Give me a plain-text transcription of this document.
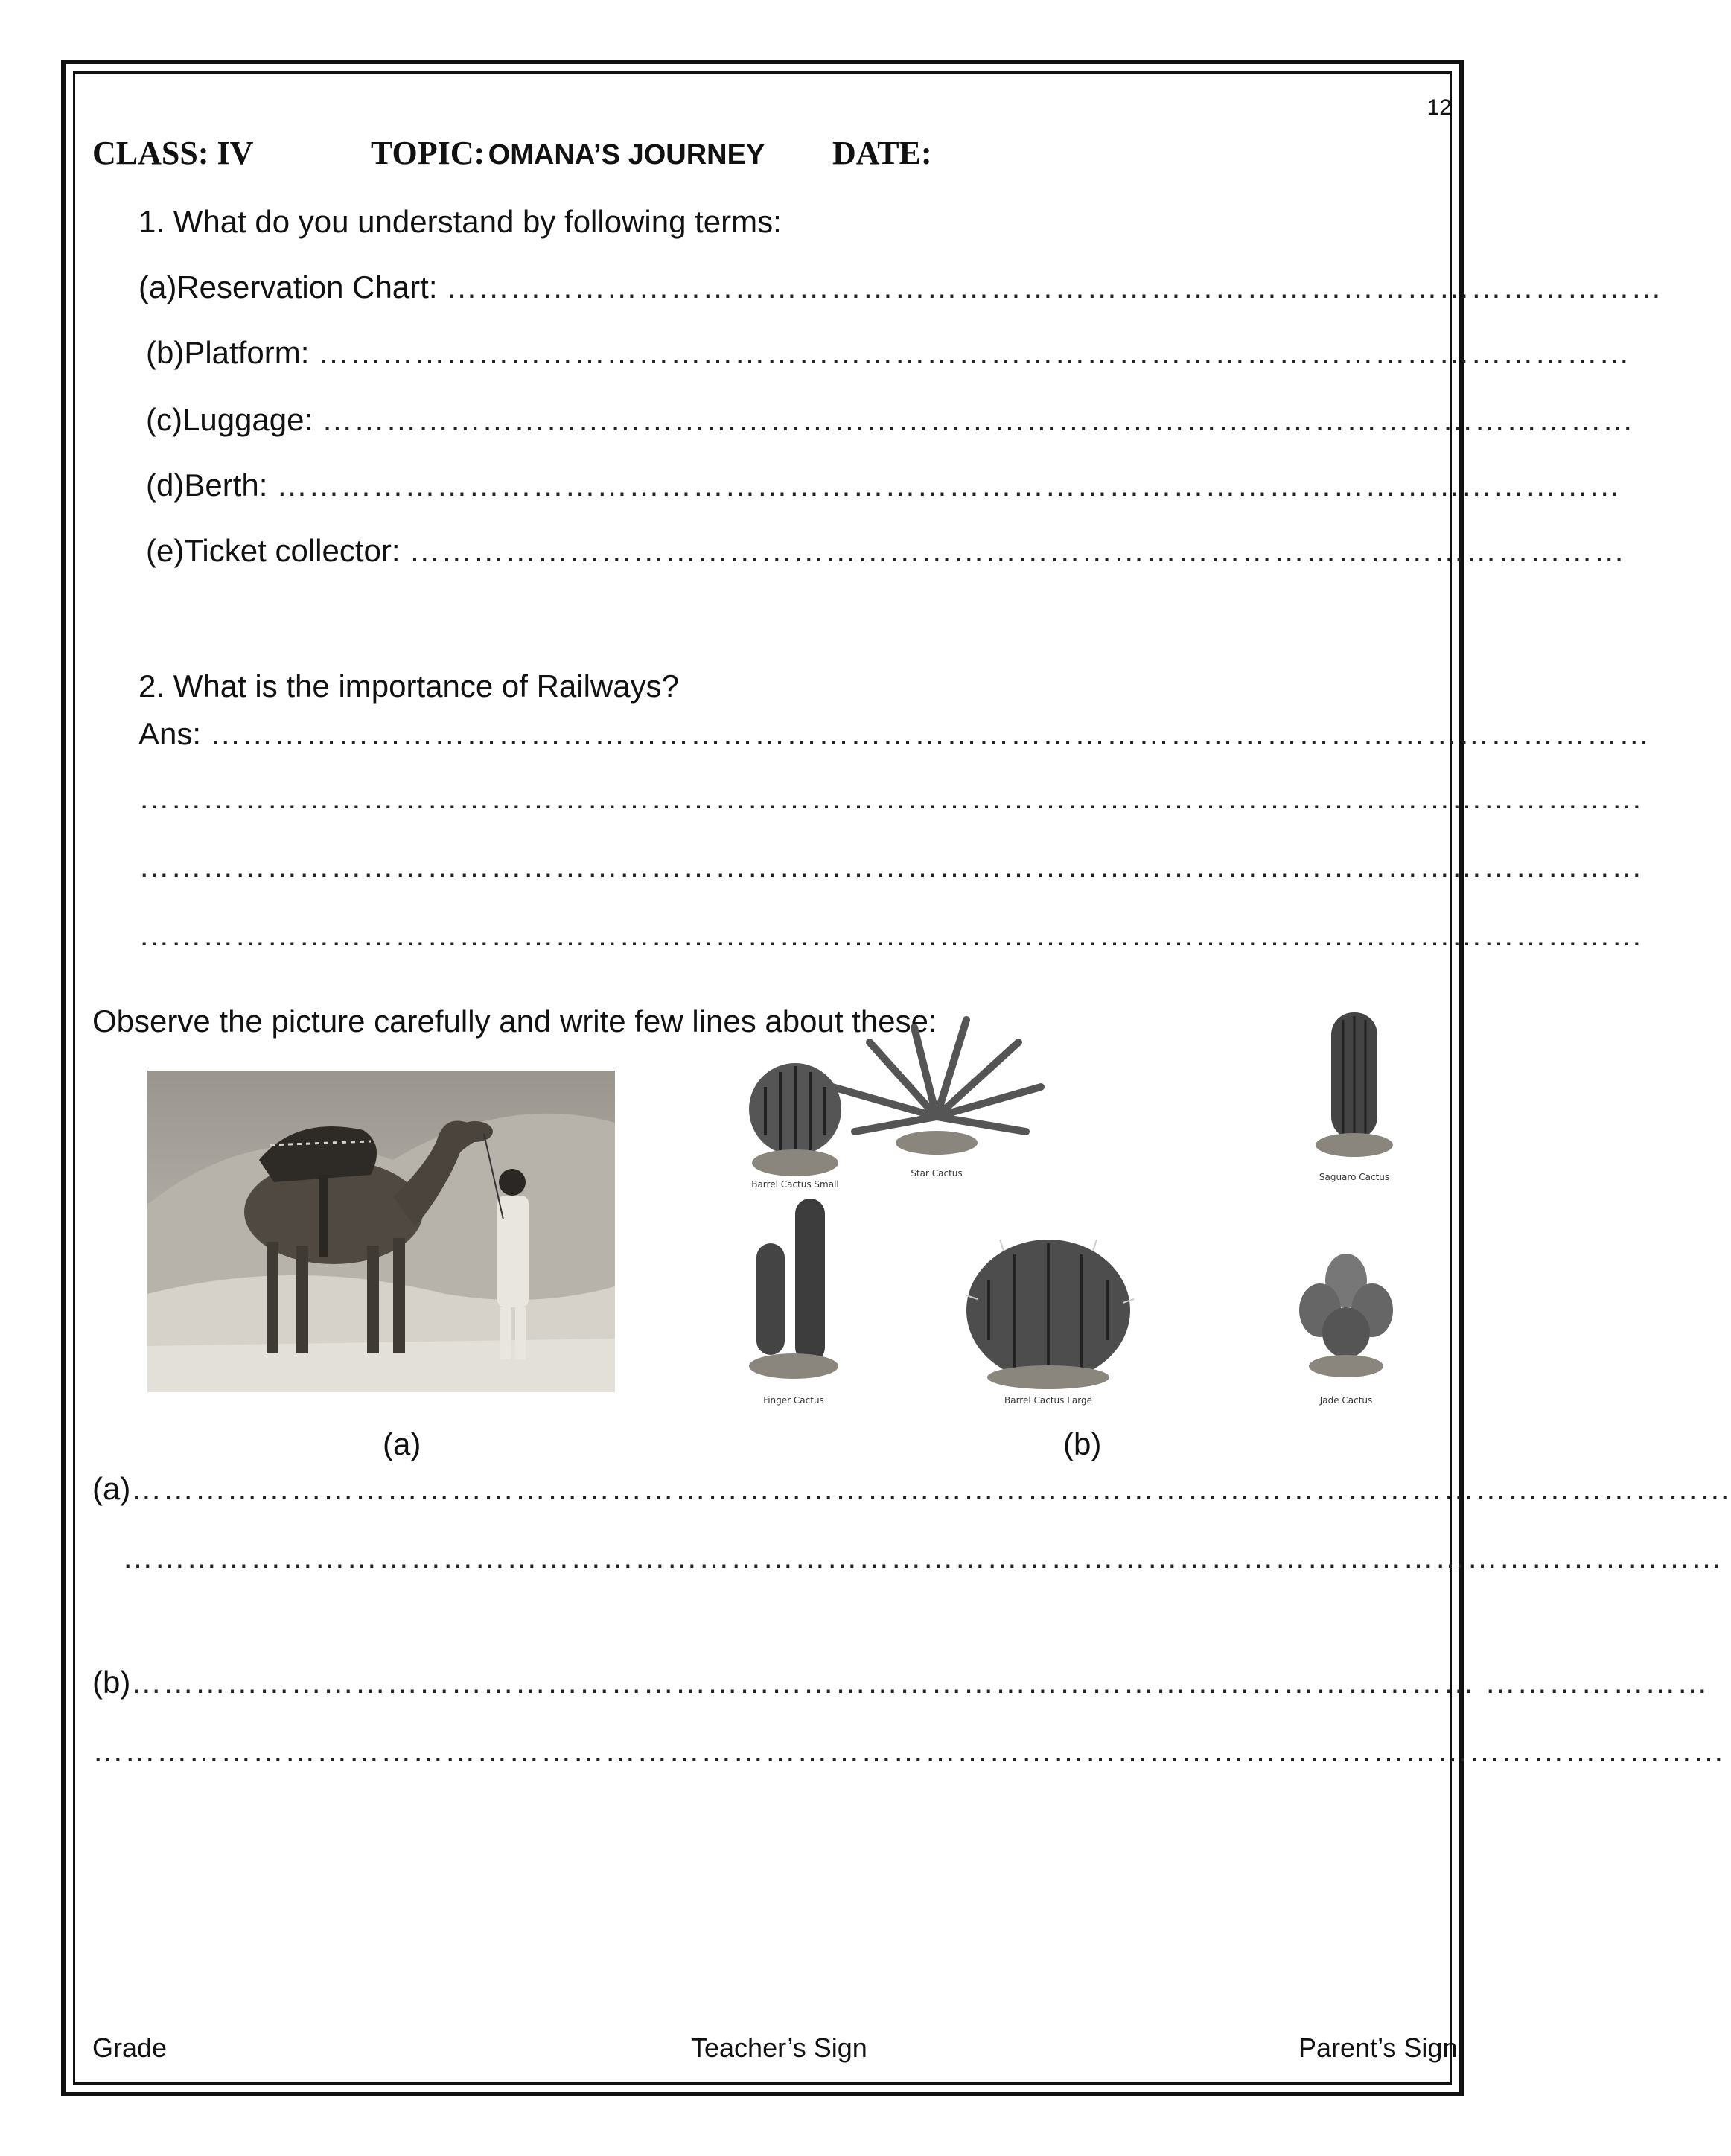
12
CLASS: IV	TOPIC: OMANA’S JOURNEY DATE:
1. What do you understand by following terms:
(a)Reservation Chart: ……………………………………………………………………………………………………
(b)Platform: ……………………………………………………………………………………………………………
(c)Luggage: ……………………………………………………………………………………………………………
(d)Berth: ………………………………………………………………………………………………………………
(e)Ticket collector: ……………………………………………………………………………………………………
2. What is the importance of Railways?
Ans: ………………………………………………………………………………………………………………………
……………………………………………………………………………………………………………………………
……………………………………………………………………………………………………………………………
……………………………………………………………………………………………………………………………
Observe the picture carefully and write few lines about these:
(a)
Barrel Cactus Small
Star Cactus	Saguaro Cactus
Finger Cactus	Barrel Cactus Large	Jade Cactus
(b)
(a)……………………………………………………………………………………………………………………………………
……………………………………………………………………………………………………………………………………
(b)……………………………………………………………………………………………………………… …………………
………………………………………………………………………………………………………………………………………
Grade	Teacher’s Sign	Parent’s Sign
